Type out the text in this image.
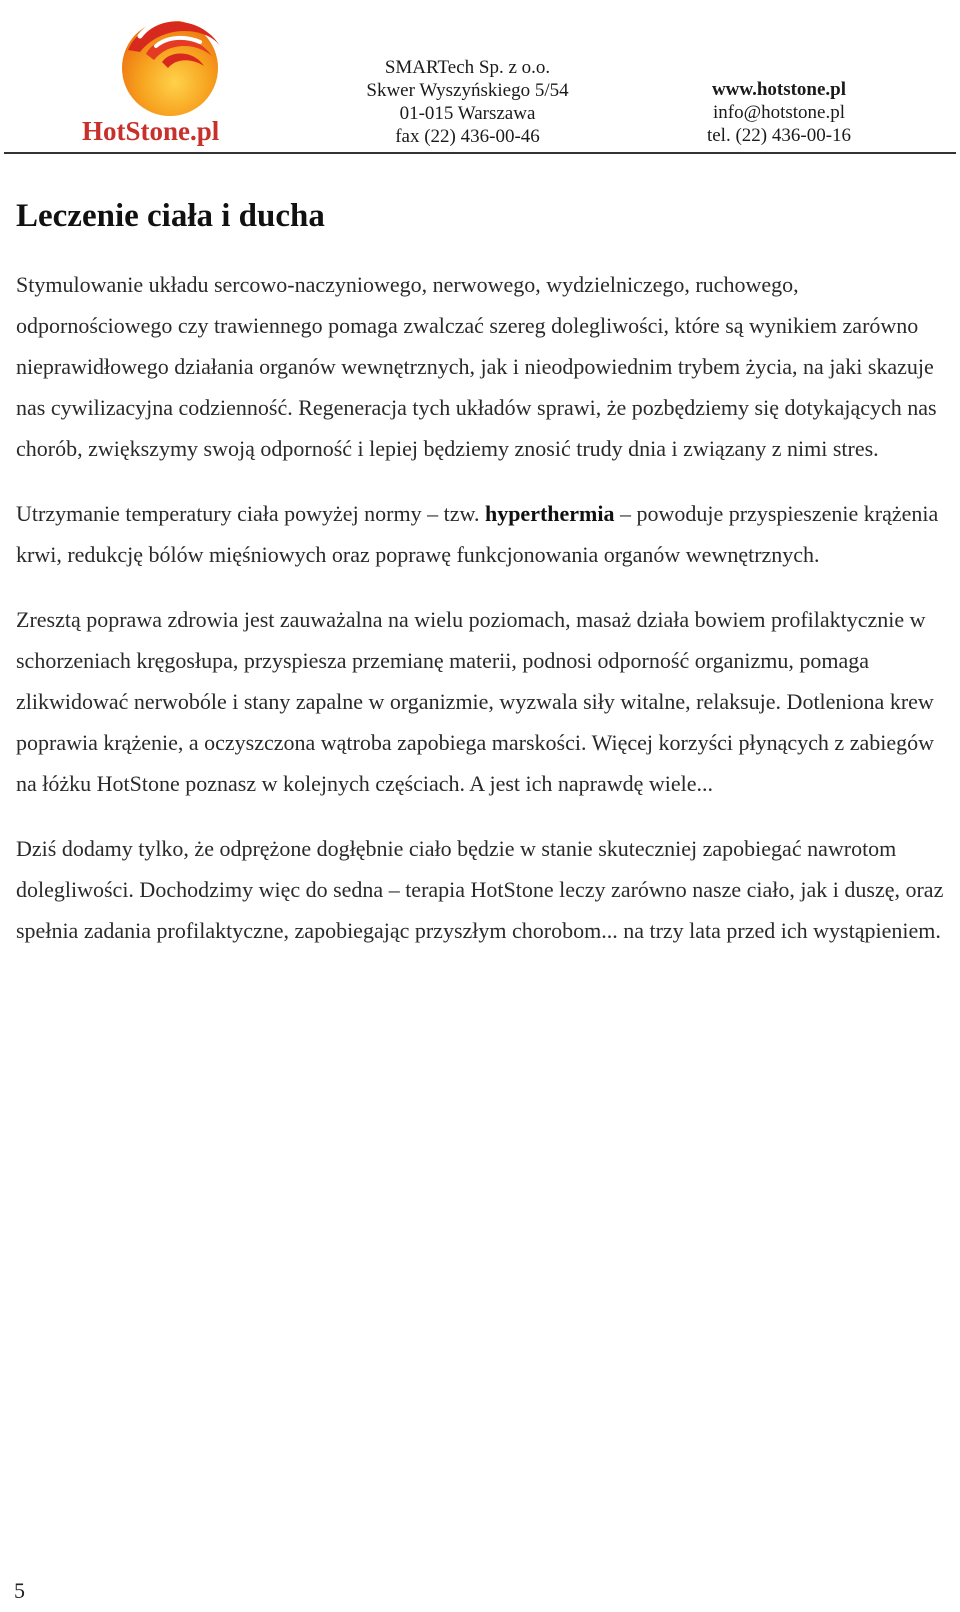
HotStone.pl
SMARTech Sp. z o.o.
Skwer Wyszyńskiego 5/54
01-015 Warszawa
fax (22) 436-00-46
www.hotstone.pl
info@hotstone.pl
tel. (22) 436-00-16
Leczenie ciała i ducha

Stymulowanie układu sercowo-naczyniowego, nerwowego, wydzielniczego, ruchowego, odpornościowego czy trawiennego pomaga zwalczać szereg dolegliwości, które są wynikiem zarówno nieprawidłowego działania organów wewnętrznych, jak i nieodpowiednim trybem życia, na jaki skazuje nas cywilizacyjna codzienność. Regeneracja tych układów sprawi, że pozbędziemy się dotykających nas chorób, zwiększymy swoją odporność i lepiej będziemy znosić trudy dnia i związany z nimi stres.

Utrzymanie temperatury ciała powyżej normy – tzw. hyperthermia – powoduje przyspieszenie krążenia krwi, redukcję bólów mięśniowych oraz poprawę funkcjonowania organów wewnętrznych.

Zresztą poprawa zdrowia jest zauważalna na wielu poziomach, masaż działa bowiem profilaktycznie w schorzeniach kręgosłupa, przyspiesza przemianę materii, podnosi odporność organizmu, pomaga zlikwidować nerwobóle i stany zapalne w organizmie, wyzwala siły witalne, relaksuje. Dotleniona krew poprawia krążenie, a oczyszczona wątroba zapobiega marskości. Więcej korzyści płynących z zabiegów na łóżku HotStone poznasz w kolejnych częściach. A jest ich naprawdę wiele...

Dziś dodamy tylko, że odprężone dogłębnie ciało będzie w stanie skuteczniej zapobiegać nawrotom dolegliwości. Dochodzimy więc do sedna – terapia HotStone leczy zarówno nasze ciało, jak i duszę, oraz spełnia zadania profilaktyczne, zapobiegając przyszłym chorobom... na trzy lata przed ich wystąpieniem.

5
